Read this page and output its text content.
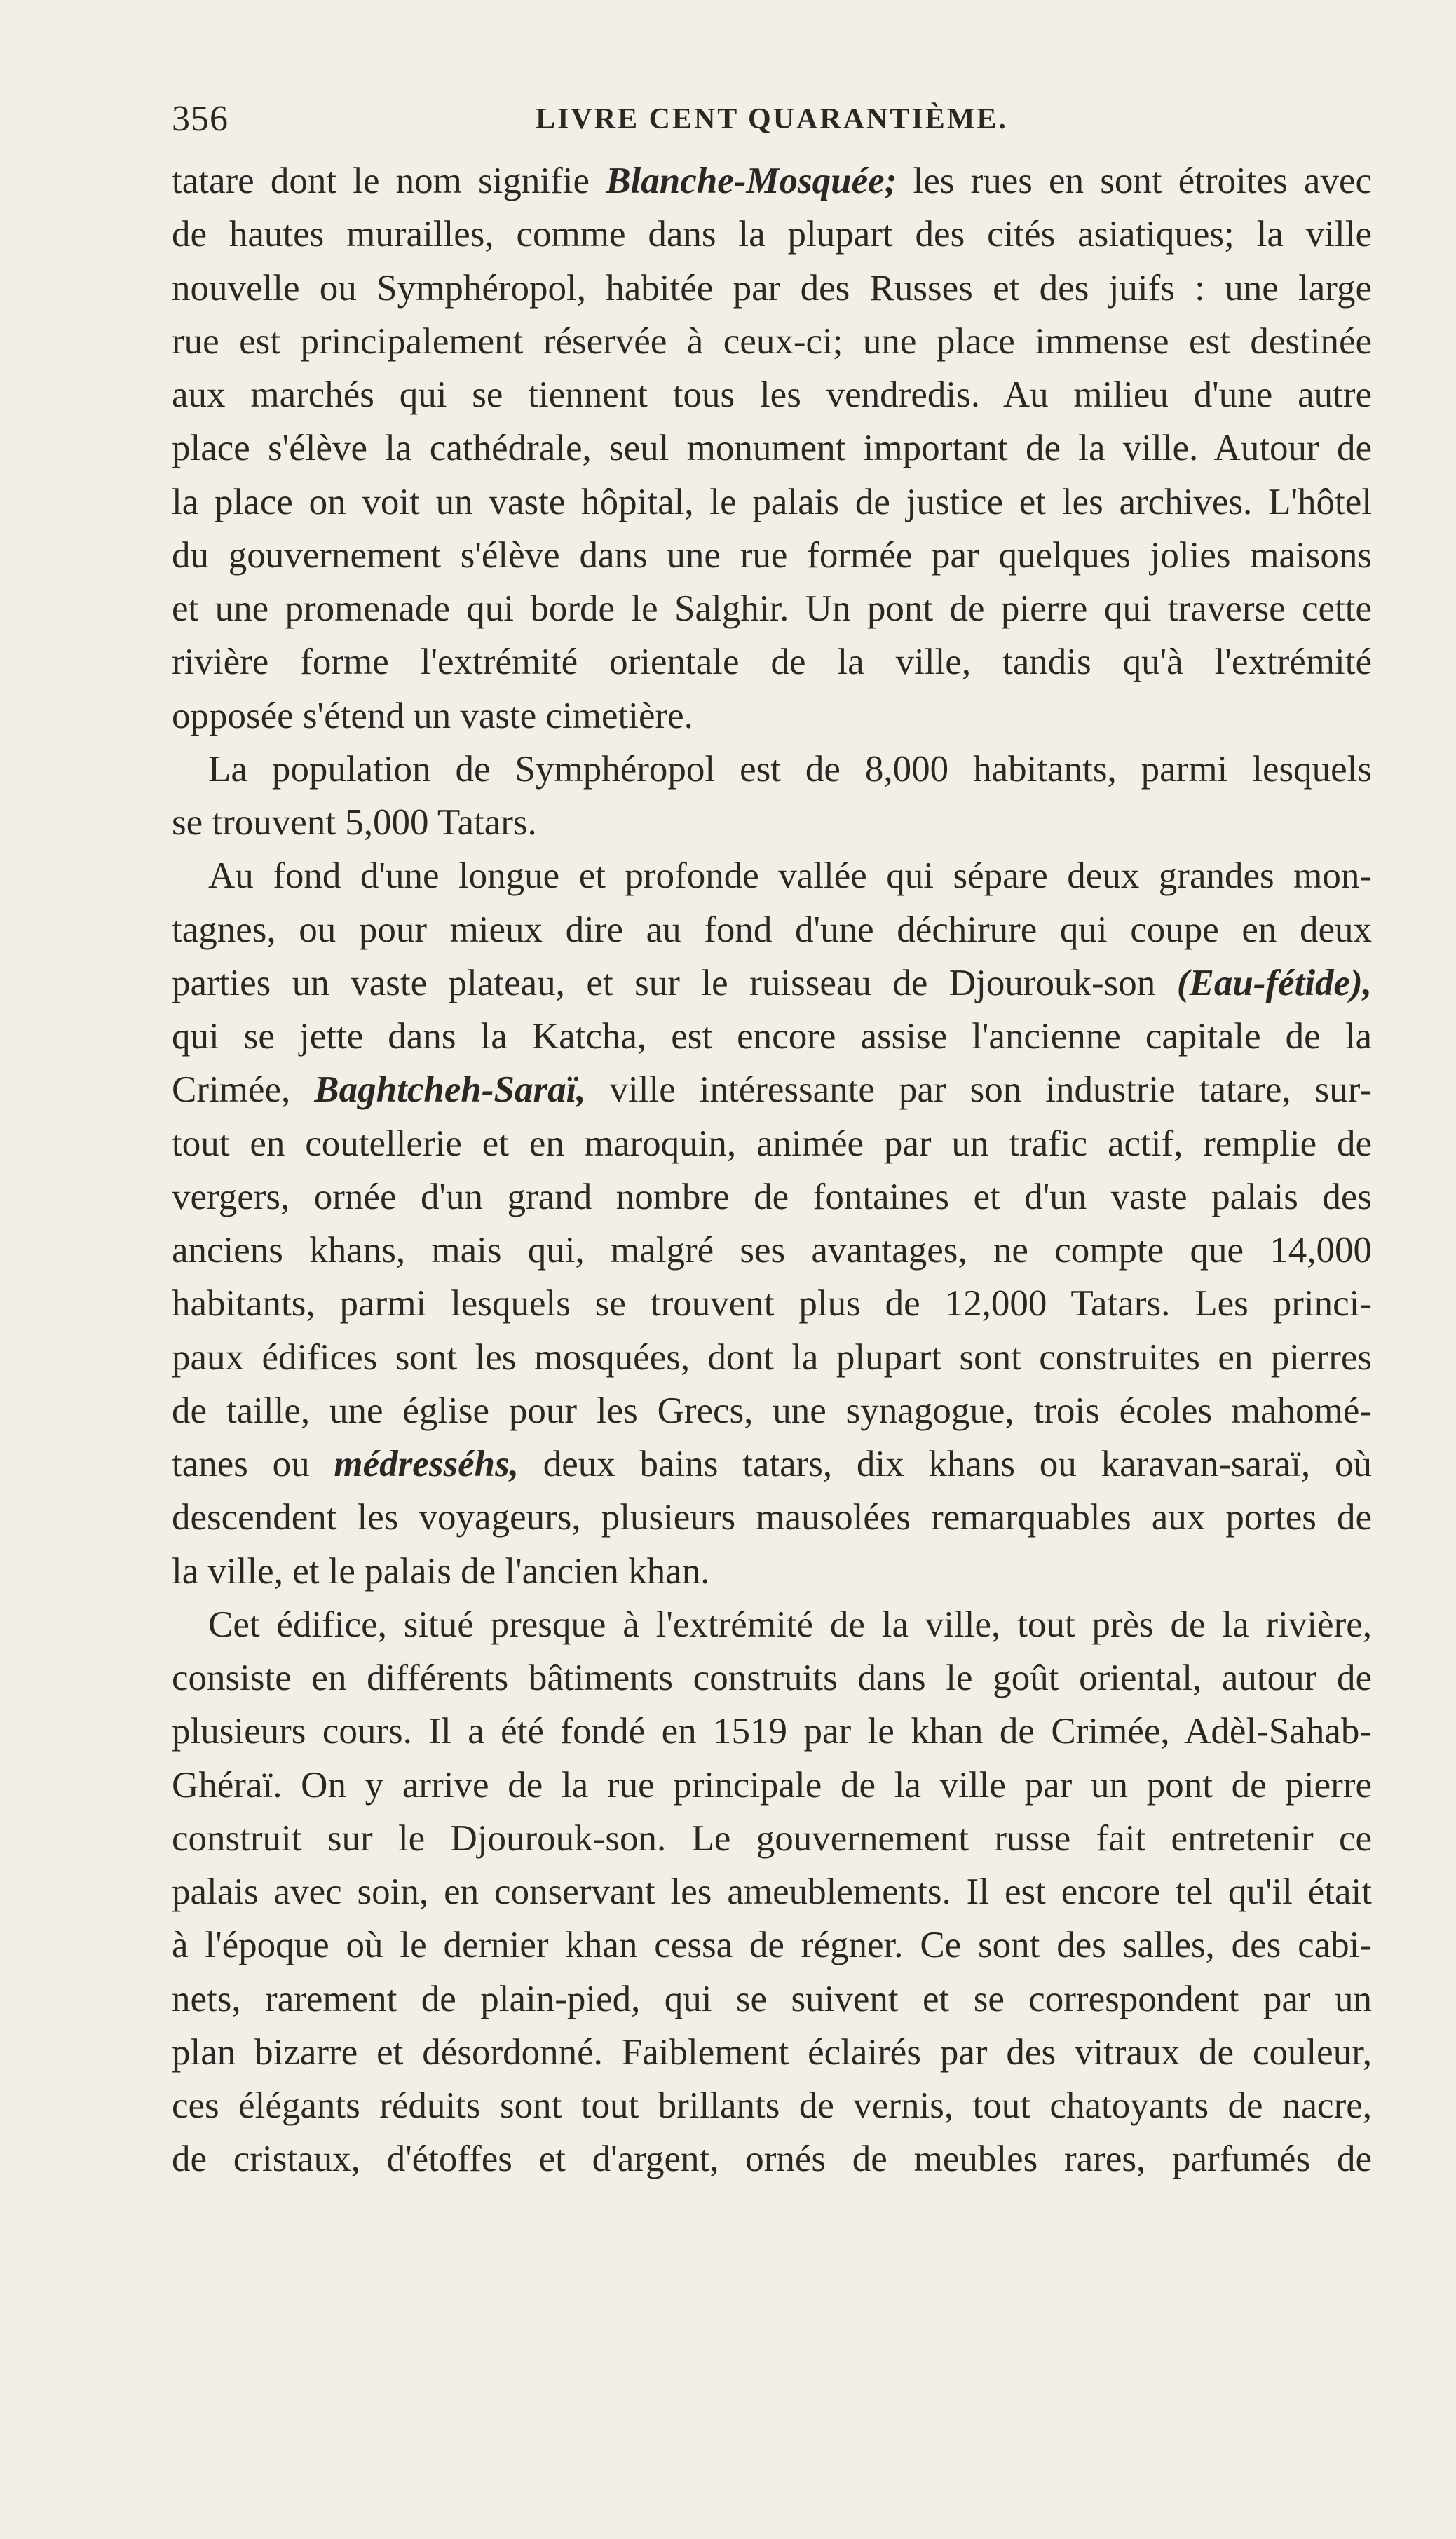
356	LIVRE CENT QUARANTIÈME.

tatare dont le nom signifie Blanche-Mosquée; les rues en sont étroites avec
de hautes murailles, comme dans la plupart des cités asiatiques; la ville
nouvelle ou Symphéropol, habitée par des Russes et des juifs : une large
rue est principalement réservée à ceux-ci; une place immense est destinée
aux marchés qui se tiennent tous les vendredis. Au milieu d'une autre
place s'élève la cathédrale, seul monument important de la ville. Autour de
la place on voit un vaste hôpital, le palais de justice et les archives. L'hôtel
du gouvernement s'élève dans une rue formée par quelques jolies maisons
et une promenade qui borde le Salghir. Un pont de pierre qui traverse cette
rivière forme l'extrémité orientale de la ville, tandis qu'à l'extrémité
opposée s'étend un vaste cimetière.

La population de Symphéropol est de 8,000 habitants, parmi lesquels
se trouvent 5,000 Tatars.

Au fond d'une longue et profonde vallée qui sépare deux grandes mon-
tagnes, ou pour mieux dire au fond d'une déchirure qui coupe en deux
parties un vaste plateau, et sur le ruisseau de Djourouk-son (Eau-fétide),
qui se jette dans la Katcha, est encore assise l'ancienne capitale de la
Crimée, Baghtcheh-Saraï, ville intéressante par son industrie tatare, sur-
tout en coutellerie et en maroquin, animée par un trafic actif, remplie de
vergers, ornée d'un grand nombre de fontaines et d'un vaste palais des
anciens khans, mais qui, malgré ses avantages, ne compte que 14,000
habitants, parmi lesquels se trouvent plus de 12,000 Tatars. Les princi-
paux édifices sont les mosquées, dont la plupart sont construites en pierres
de taille, une église pour les Grecs, une synagogue, trois écoles mahomé-
tanes ou médresséhs, deux bains tatars, dix khans ou karavan-saraï, où
descendent les voyageurs, plusieurs mausolées remarquables aux portes de
la ville, et le palais de l'ancien khan.

Cet édifice, situé presque à l'extrémité de la ville, tout près de la rivière,
consiste en différents bâtiments construits dans le goût oriental, autour de
plusieurs cours. Il a été fondé en 1519 par le khan de Crimée, Adèl-Sahab-
Ghéraï. On y arrive de la rue principale de la ville par un pont de pierre
construit sur le Djourouk-son. Le gouvernement russe fait entretenir ce
palais avec soin, en conservant les ameublements. Il est encore tel qu'il était
à l'époque où le dernier khan cessa de régner. Ce sont des salles, des cabi-
nets, rarement de plain-pied, qui se suivent et se correspondent par un
plan bizarre et désordonné. Faiblement éclairés par des vitraux de couleur,
ces élégants réduits sont tout brillants de vernis, tout chatoyants de nacre,
de cristaux, d'étoffes et d'argent, ornés de meubles rares, parfumés de
